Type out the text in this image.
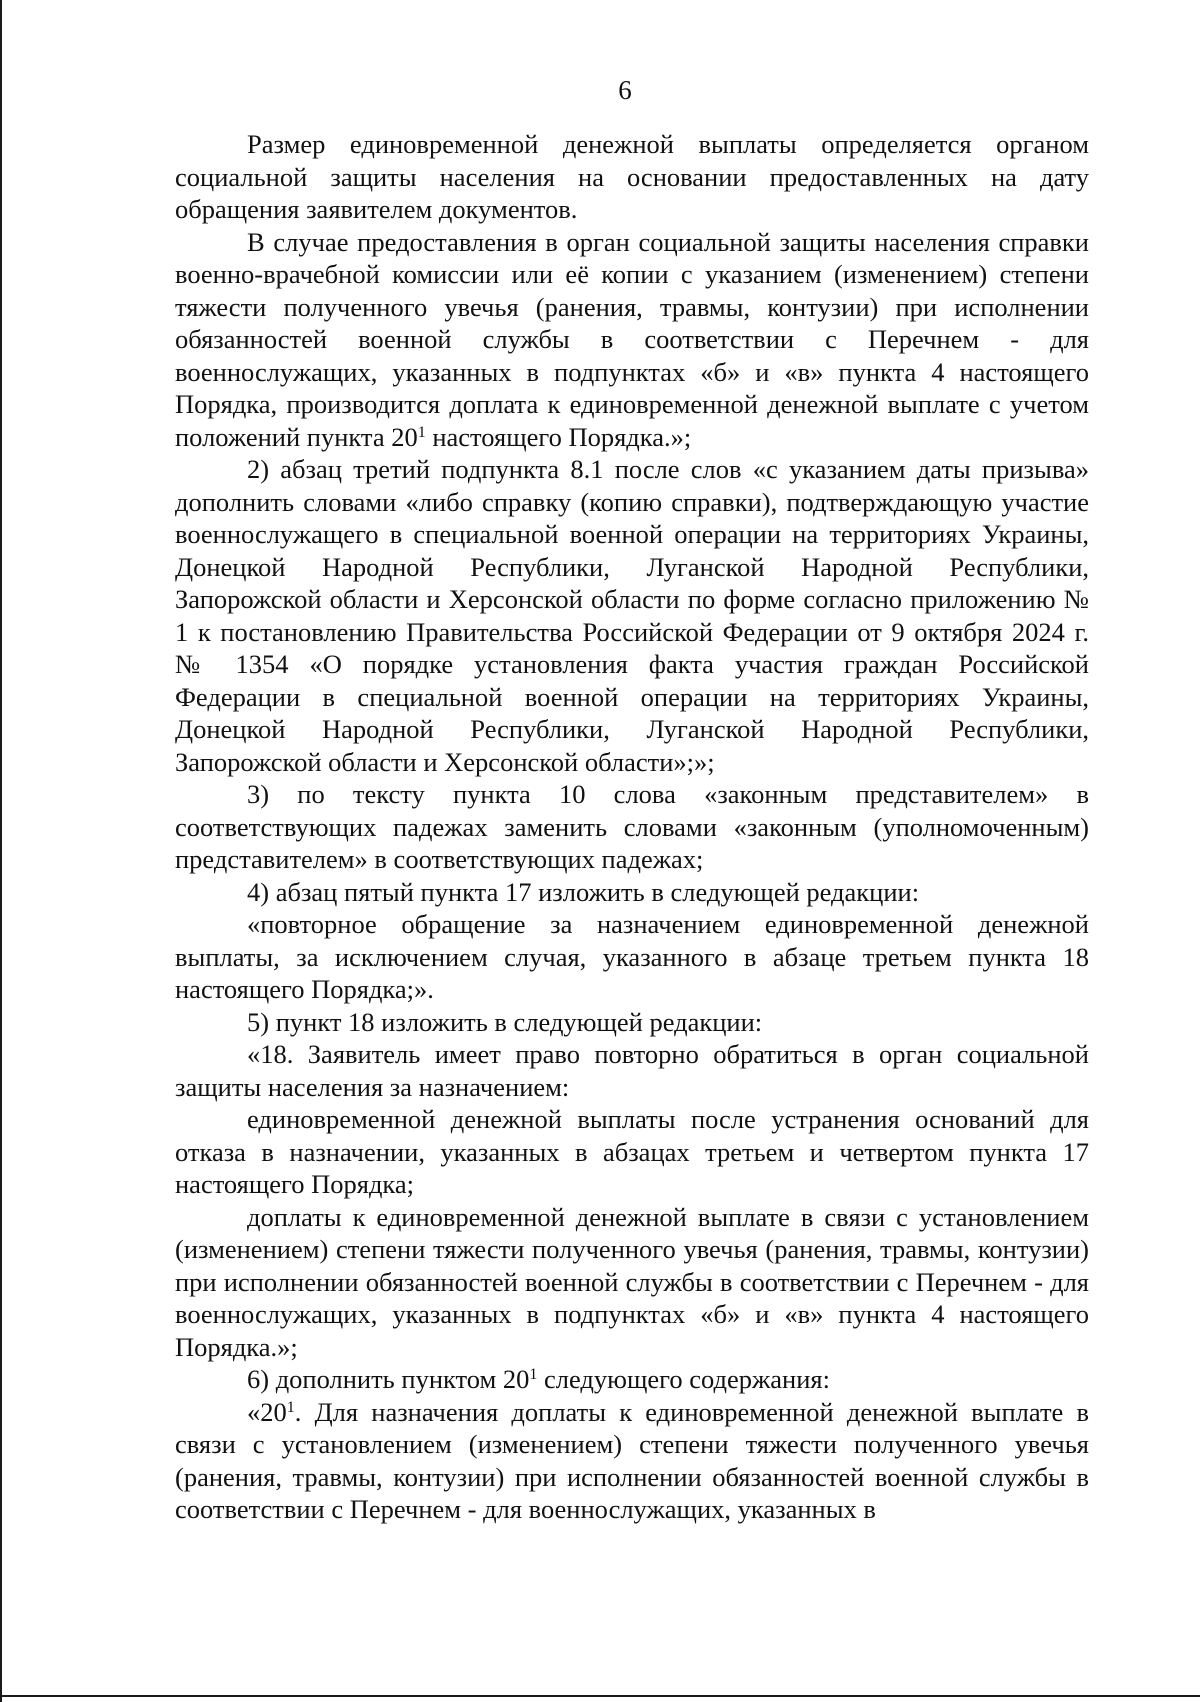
6

Размер единовременной денежной выплаты определяется органом социальной защиты населения на основании предоставленных на дату обращения заявителем документов.

В случае предоставления в орган социальной защиты населения справки военно-врачебной комиссии или её копии с указанием (изменением) степени тяжести полученного увечья (ранения, травмы, контузии) при исполнении обязанностей военной службы в соответствии с Перечнем - для военнослужащих, указанных в подпунктах «б» и «в» пункта 4 настоящего Порядка, производится доплата к единовременной денежной выплате с учетом положений пункта $20^1$ настоящего Порядка.»;

2) абзац третий подпункта 8.1 после слов «с указанием даты призыва» дополнить словами «либо справку (копию справки), подтверждающую участие военнослужащего в специальной военной операции на территориях Украины, Донецкой Народной Республики, Луганской Народной Республики, Запорожской области и Херсонской области по форме согласно приложению № 1 к постановлению Правительства Российской Федерации от 9 октября 2024 г. № 1354 «О порядке установления факта участия граждан Российской Федерации в специальной военной операции на территориях Украины, Донецкой Народной Республики, Луганской Народной Республики, Запорожской области и Херсонской области»;»;

3) по тексту пункта 10 слова «законным представителем» в соответствующих падежах заменить словами «законным (уполномоченным) представителем» в соответствующих падежах;

4) абзац пятый пункта 17 изложить в следующей редакции:

«повторное обращение за назначением единовременной денежной выплаты, за исключением случая, указанного в абзаце третьем пункта 18 настоящего Порядка;».

5) пункт 18 изложить в следующей редакции:

«18. Заявитель имеет право повторно обратиться в орган социальной защиты населения за назначением:

единовременной денежной выплаты после устранения оснований для отказа в назначении, указанных в абзацах третьем и четвертом пункта 17 настоящего Порядка;

доплаты к единовременной денежной выплате в связи с установлением (изменением) степени тяжести полученного увечья (ранения, травмы, контузии) при исполнении обязанностей военной службы в соответствии с Перечнем - для военнослужащих, указанных в подпунктах «б» и «в» пункта 4 настоящего Порядка.»;

6) дополнить пунктом $20^1$ следующего содержания:

«$20^1$. Для назначения доплаты к единовременной денежной выплате в связи с установлением (изменением) степени тяжести полученного увечья (ранения, травмы, контузии) при исполнении обязанностей военной службы в соответствии с Перечнем - для военнослужащих, указанных в
